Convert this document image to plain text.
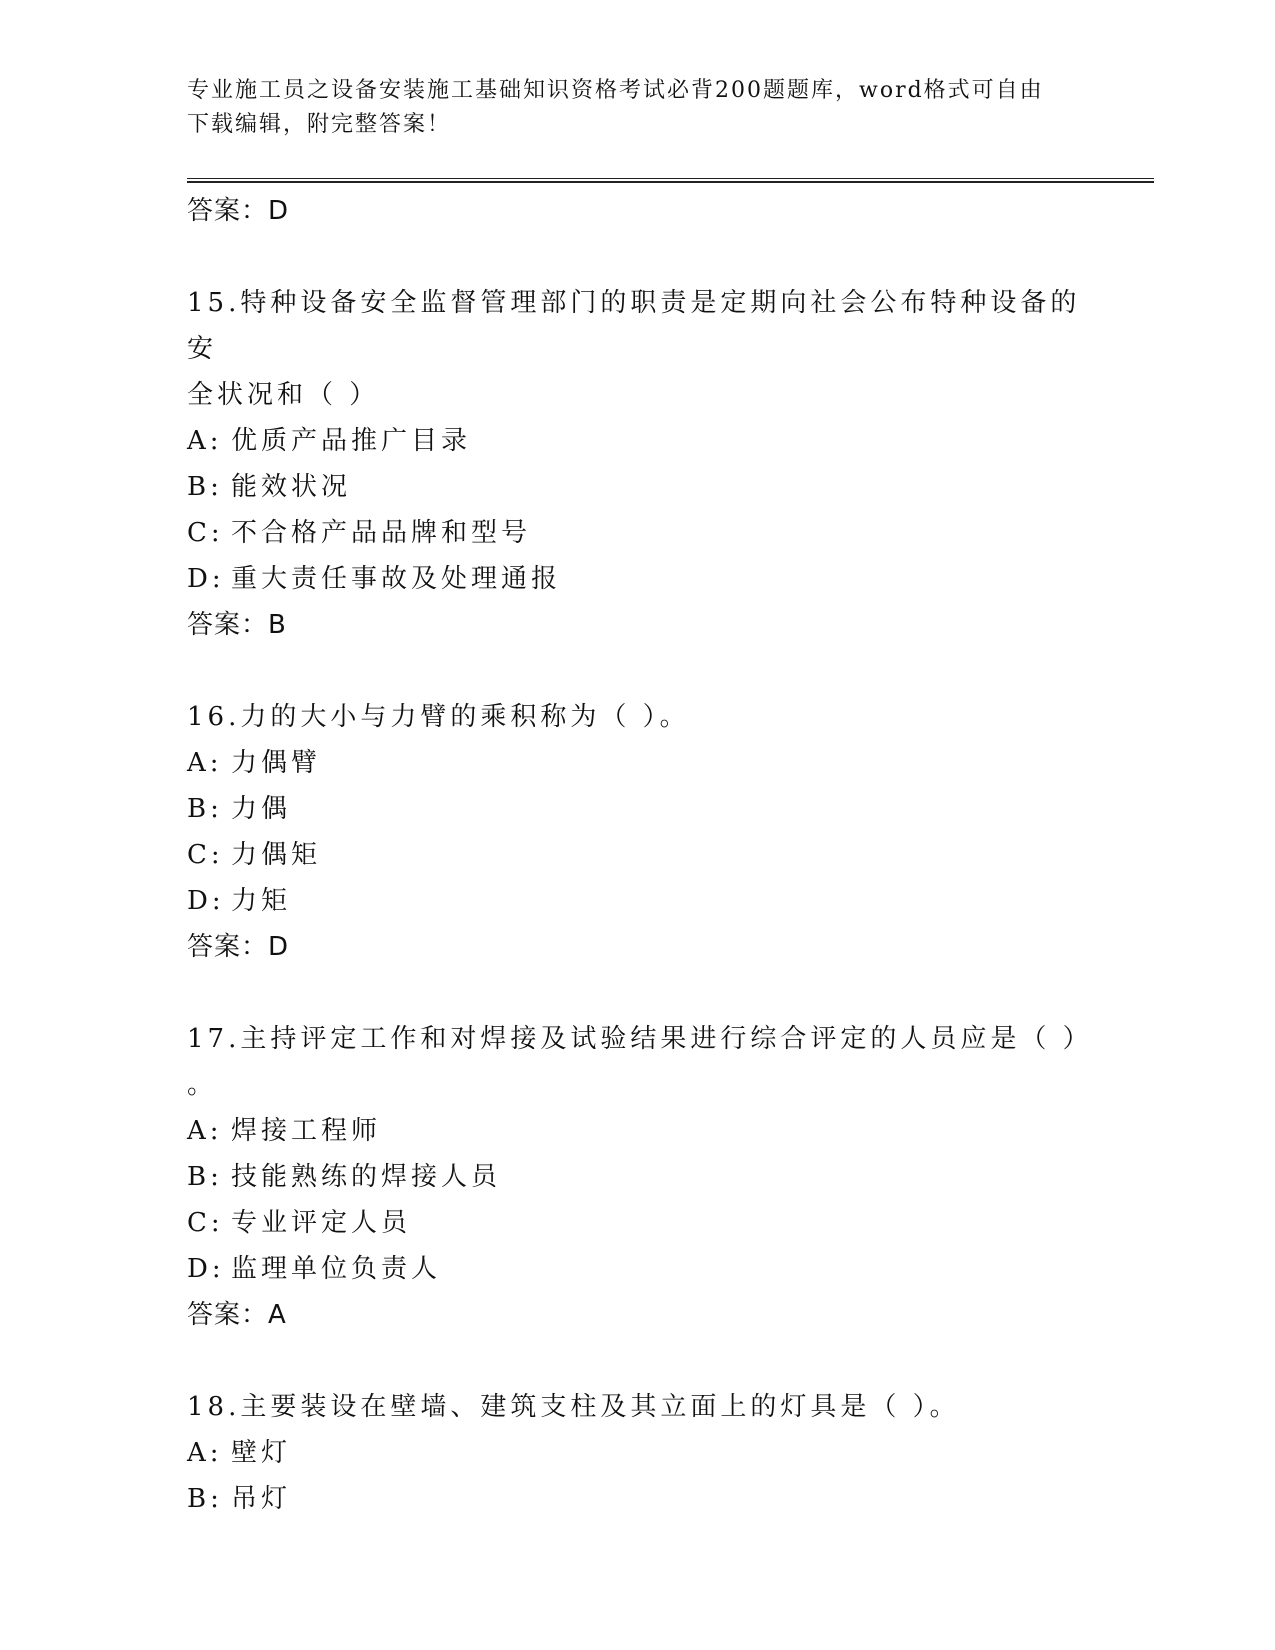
专业施工员之设备安装施工基础知识资格考试必背200题题库，word格式可自由
下载编辑，附完整答案！
答案：D
15.特种设备安全监督管理部门的职责是定期向社会公布特种设备的安
全状况和（ ）
A: 优质产品推广目录
B: 能效状况
C: 不合格产品品牌和型号
D: 重大责任事故及处理通报
答案：B
16.力的大小与力臂的乘积称为（ ）。
A: 力偶臂
B: 力偶
C: 力偶矩
D: 力矩
答案：D
17.主持评定工作和对焊接及试验结果进行综合评定的人员应是（ ）
。
A: 焊接工程师
B: 技能熟练的焊接人员
C: 专业评定人员
D: 监理单位负责人
答案：A
18.主要装设在壁墙、建筑支柱及其立面上的灯具是（ ）。
A: 壁灯
B: 吊灯
